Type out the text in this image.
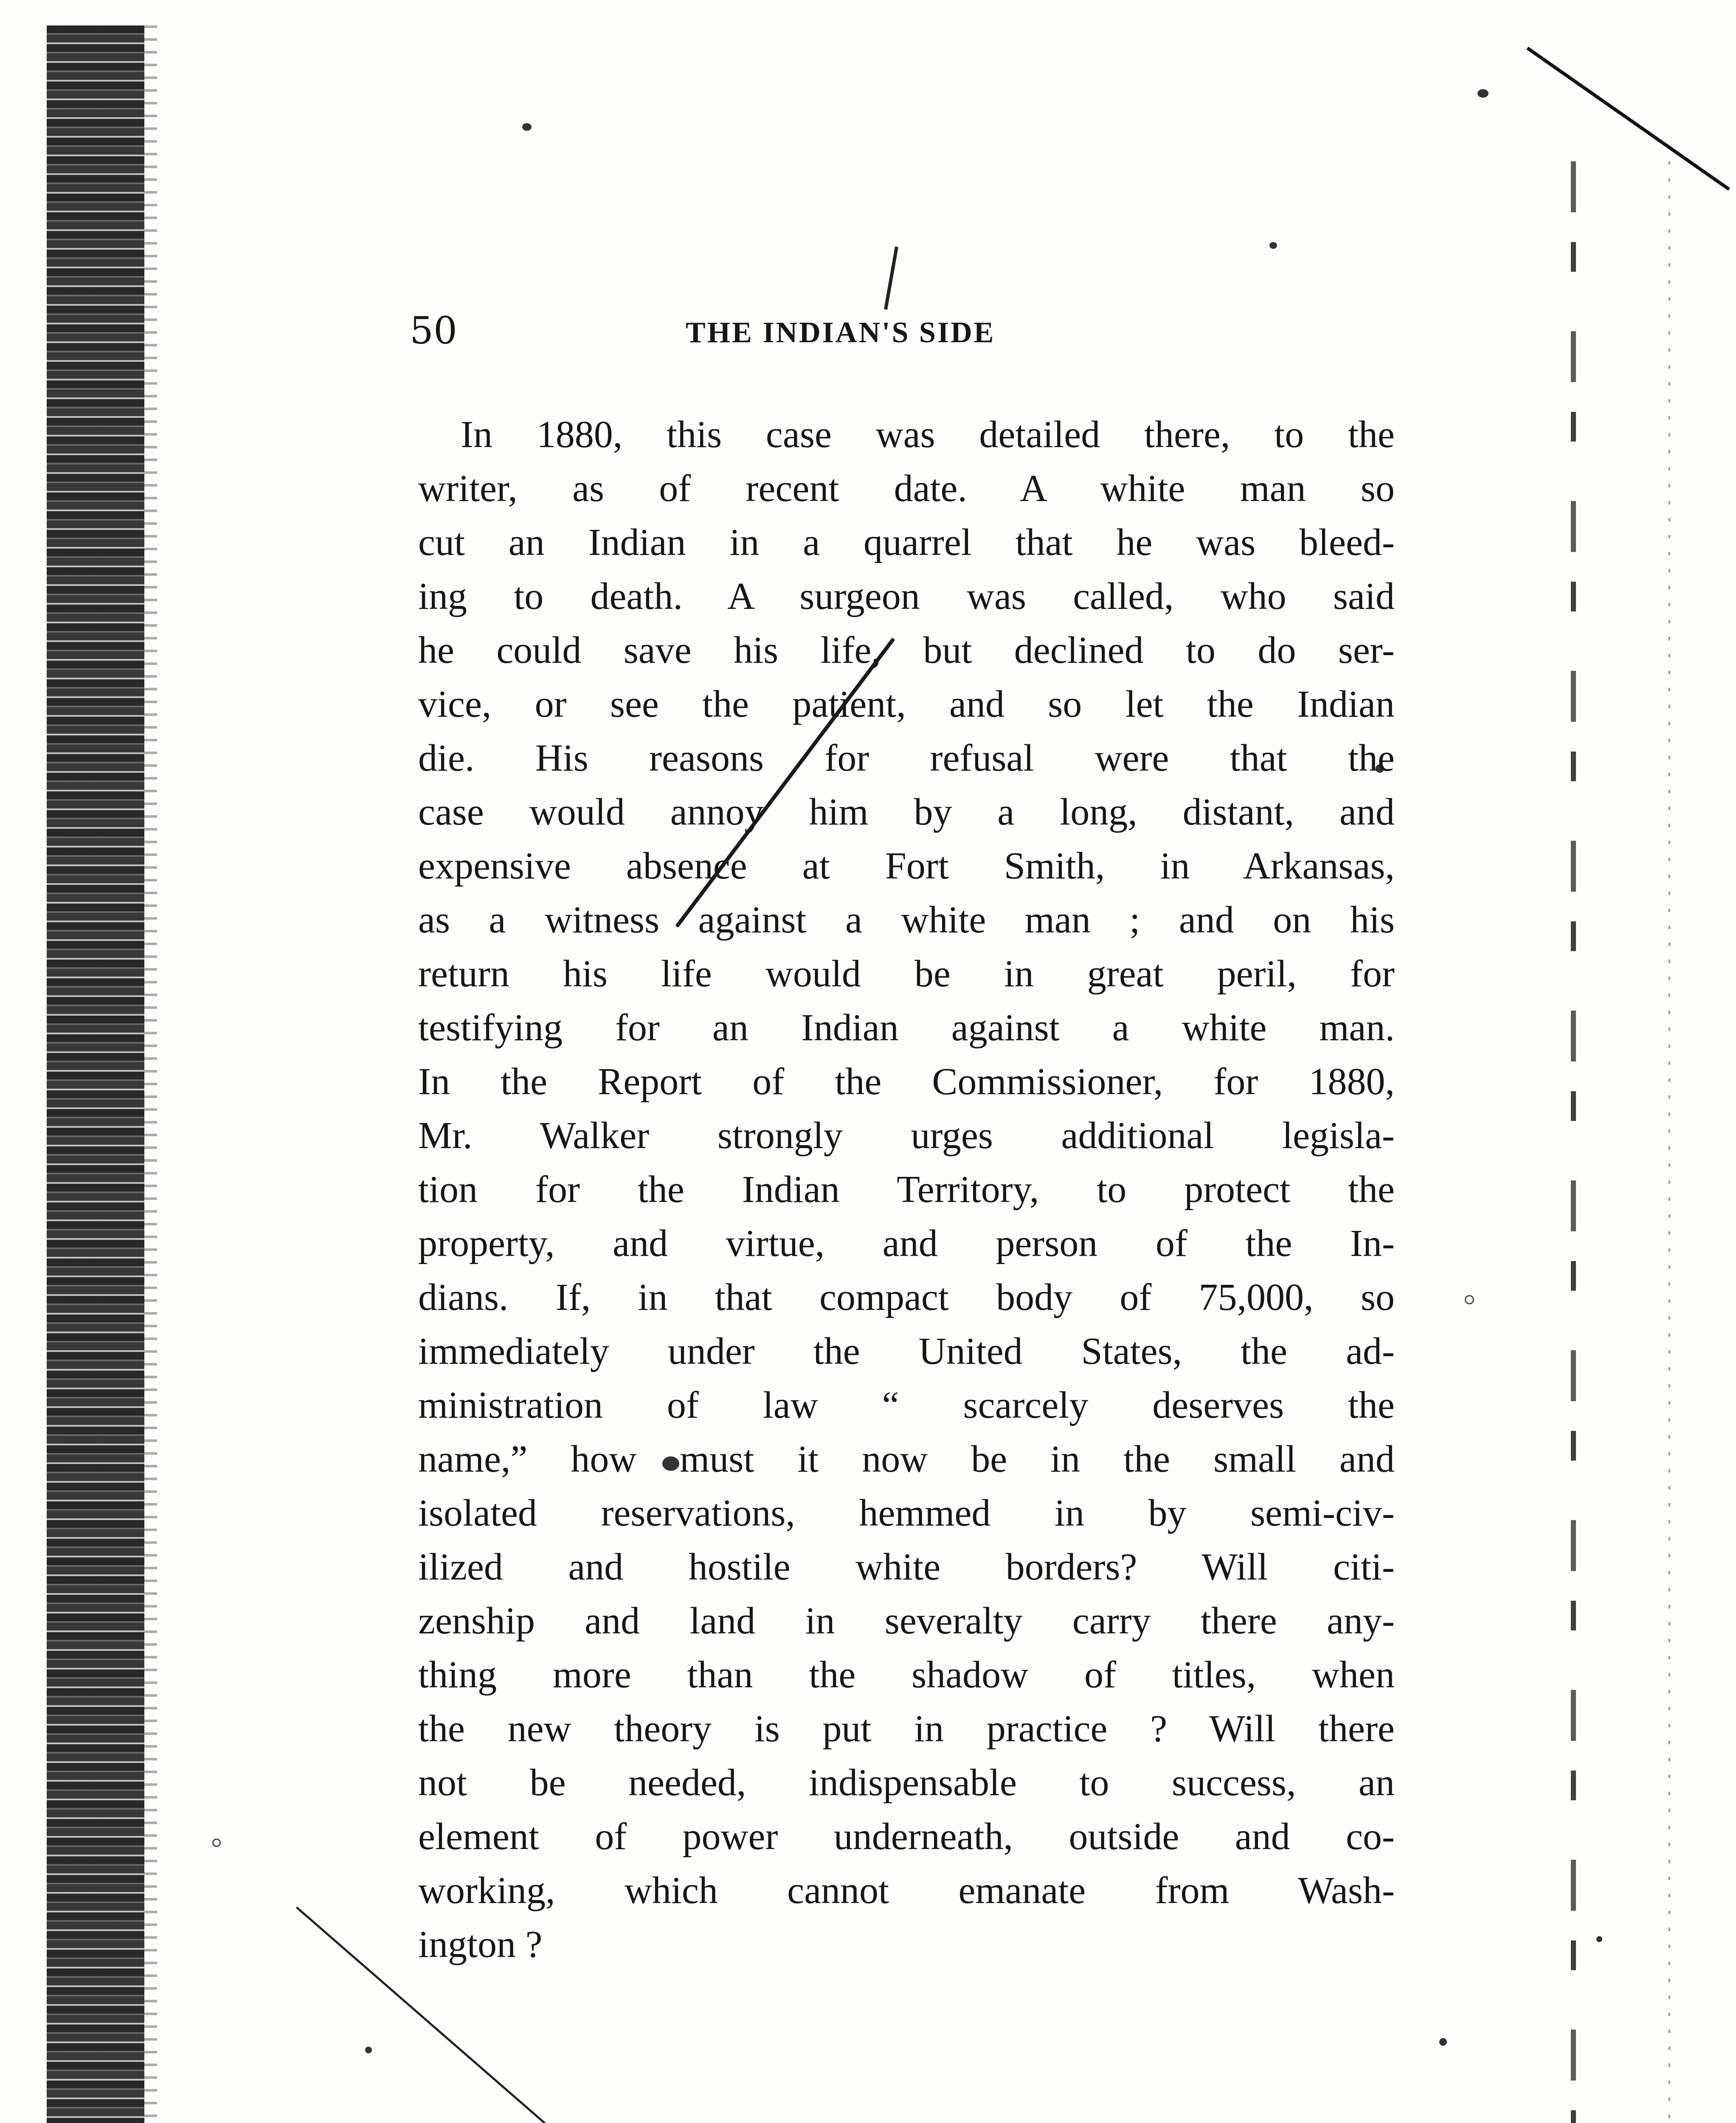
50	THE INDIAN'S SIDE
In 1880, this case was detailed there, to the
writer, as of recent date. A white man so
cut an Indian in a quarrel that he was bleed-
ing to death. A surgeon was called, who said
he could save his life, but declined to do ser-
vice, or see the patient, and so let the Indian
die. His reasons for refusal were that the
case would annoy him by a long, distant, and
expensive absence at Fort Smith, in Arkansas,
as a witness against a white man ; and on his
return his life would be in great peril, for
testifying for an Indian against a white man.
In the Report of the Commissioner, for 1880,
Mr. Walker strongly urges additional legisla-
tion for the Indian Territory, to protect the
property, and virtue, and person of the In-
dians. If, in that compact body of 75,000, so
immediately under the United States, the ad-
ministration of law “ scarcely deserves the
name,” how must it now be in the small and
isolated reservations, hemmed in by semi-civ-
ilized and hostile white borders? Will citi-
zenship and land in severalty carry there any-
thing more than the shadow of titles, when
the new theory is put in practice ? Will there
not be needed, indispensable to success, an
element of power underneath, outside and co-
working, which cannot emanate from Wash-
ington ?
